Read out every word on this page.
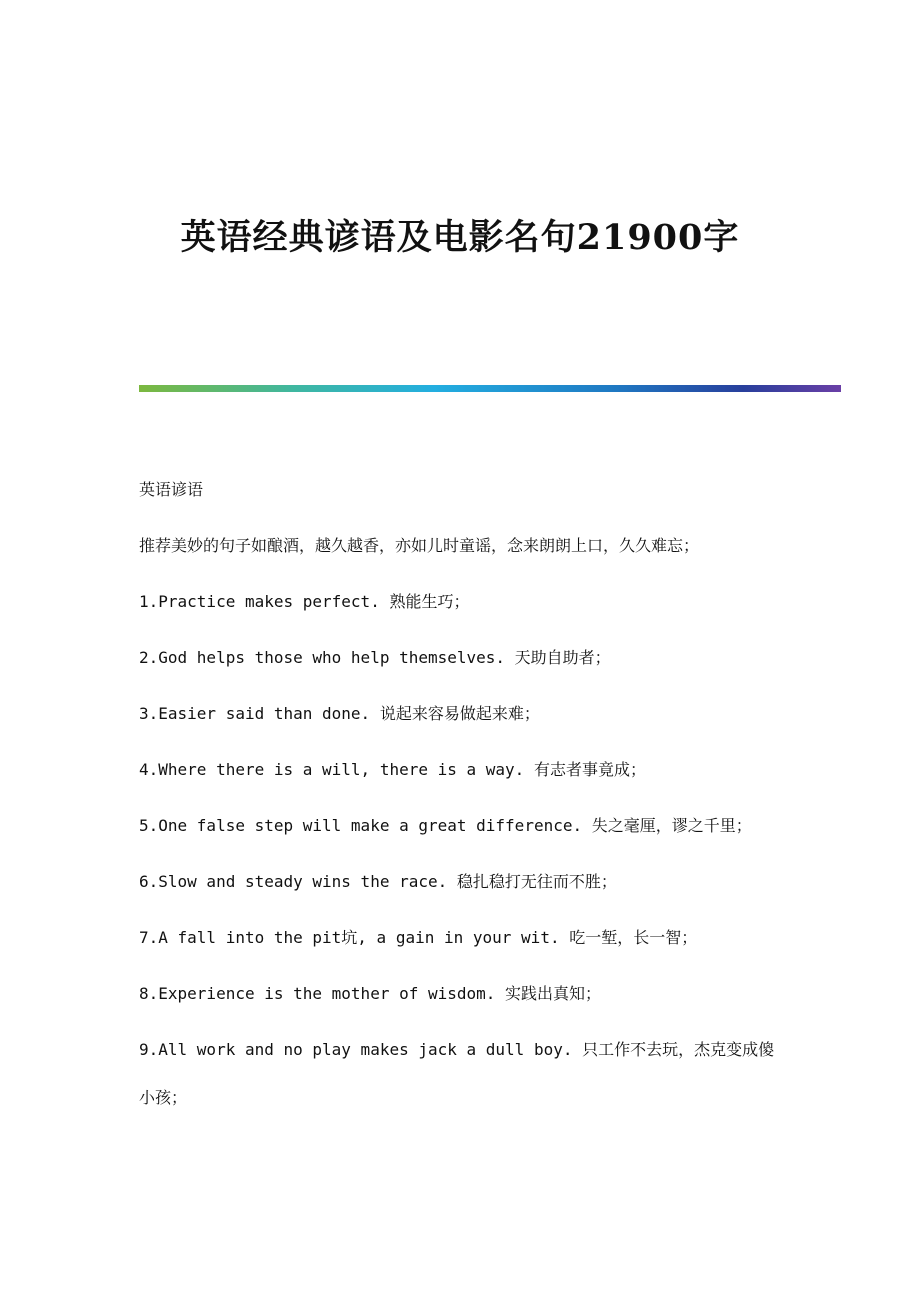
英语经典谚语及电影名句21900字
英语谚语
推荐美妙的句子如酿酒，越久越香，亦如儿时童谣，念来朗朗上口，久久难忘；
1.Practice makes perfect. 熟能生巧；
2.God helps those who help themselves. 天助自助者；
3.Easier said than done. 说起来容易做起来难；
4.Where there is a will, there is a way. 有志者事竟成；
5.One false step will make a great difference. 失之毫厘，谬之千里；
6.Slow and steady wins the race. 稳扎稳打无往而不胜；
7.A fall into the pit坑, a gain in your wit. 吃一堑，长一智；
8.Experience is the mother of wisdom. 实践出真知；
9.All work and no play makes jack a dull boy. 只工作不去玩，杰克变成傻小孩；
